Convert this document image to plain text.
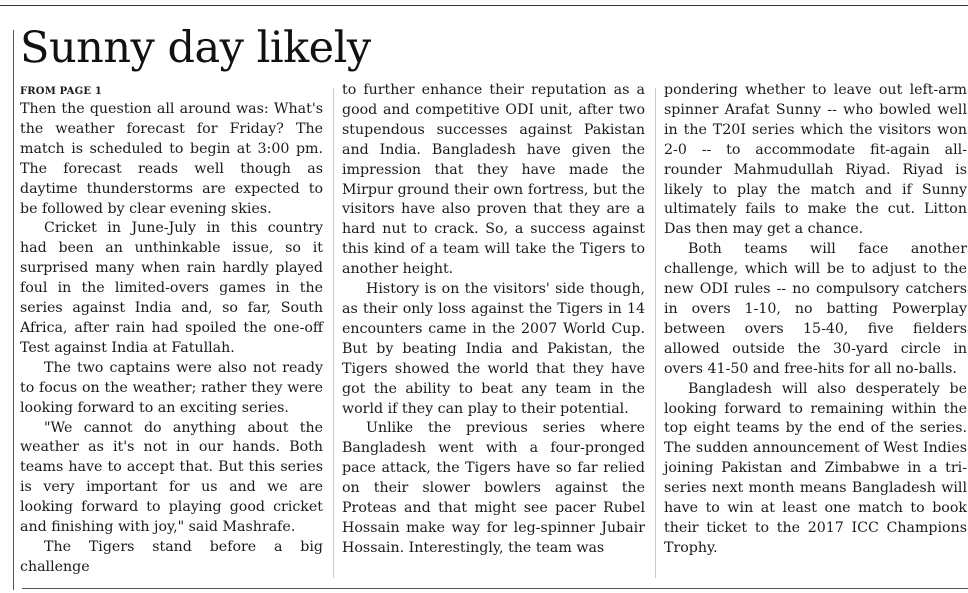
Sunny day likely
FROM PAGE 1

Then the question all around was: What's the weather forecast for Friday? The match is scheduled to begin at 3:00 pm. The forecast reads well though as daytime thunderstorms are expected to be followed by clear evening skies.

Cricket in June-July in this country had been an unthinkable issue, so it surprised many when rain hardly played foul in the limited-overs games in the series against India and, so far, South Africa, after rain had spoiled the one-off Test against India at Fatullah.

The two captains were also not ready to focus on the weather; rather they were looking forward to an exciting series.

"We cannot do anything about the weather as it's not in our hands. Both teams have to accept that. But this series is very important for us and we are looking forward to playing good cricket and finishing with joy," said Mashrafe.

The Tigers stand before a big challenge

to further enhance their reputation as a good and competitive ODI unit, after two stupendous successes against Pakistan and India. Bangladesh have given the impression that they have made the Mirpur ground their own fortress, but the visitors have also proven that they are a hard nut to crack. So, a success against this kind of a team will take the Tigers to another height.

History is on the visitors' side though, as their only loss against the Tigers in 14 encounters came in the 2007 World Cup. But by beating India and Pakistan, the Tigers showed the world that they have got the ability to beat any team in the world if they can play to their potential.

Unlike the previous series where Bangladesh went with a four-pronged pace attack, the Tigers have so far relied on their slower bowlers against the Proteas and that might see pacer Rubel Hossain make way for leg-spinner Jubair Hossain. Interestingly, the team was

pondering whether to leave out left-arm spinner Arafat Sunny -- who bowled well in the T20I series which the visitors won 2-0 -- to accommodate fit-again all-rounder Mahmudullah Riyad. Riyad is likely to play the match and if Sunny ultimately fails to make the cut. Litton Das then may get a chance.

Both teams will face another challenge, which will be to adjust to the new ODI rules -- no compulsory catchers in overs 1-10, no batting Powerplay between overs 15-40, five fielders allowed outside the 30-yard circle in overs 41-50 and free-hits for all no-balls.

Bangladesh will also desperately be looking forward to remaining within the top eight teams by the end of the series. The sudden announcement of West Indies joining Pakistan and Zimbabwe in a tri-series next month means Bangladesh will have to win at least one match to book their ticket to the 2017 ICC Champions Trophy.
